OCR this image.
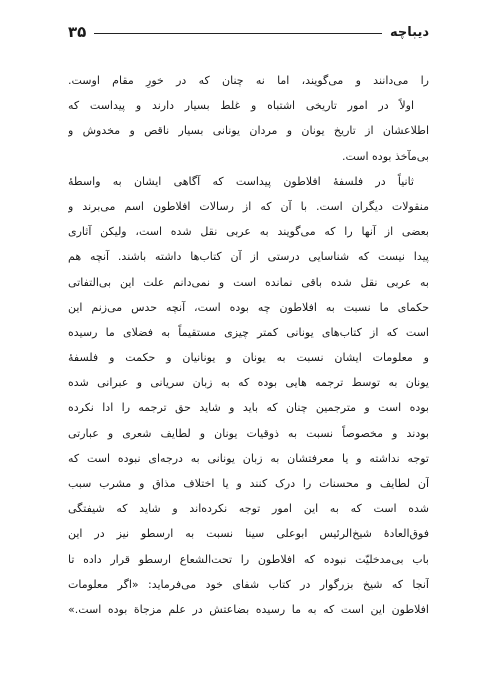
دیباچه
۳۵
را می‌دانند و می‌گویند، اما نه چنان که در خورِ مقام اوست.
اولاً در امور تاریخی اشتباه و غلط بسیار دارند و پیداست که
اطلاعشان از تاریخ یونان و مردان یونانی بسیار ناقص و مخدوش و
بی‌مآخذ بوده است.
ثانیاً در فلسفهٔ افلاطون پیداست که آگاهی ایشان به واسطهٔ
منقولات دیگران است. با آن که از رسالات افلاطون اسم می‌برند و
بعضی از آنها را که می‌گویند به عربی نقل شده است، ولیکن آثاری
پیدا نیست که شناسایی درستی از آن کتاب‌ها داشته باشند. آنچه هم
به عربی نقل شده باقی نمانده است و نمی‌دانم علت این بی‌التفاتی
حکمای ما نسبت به افلاطون چه بوده است، آنچه حدس می‌زنم این
است که از کتاب‌های یونانی کمتر چیزی مستقیماً به فضلای ما رسیده
و معلومات ایشان نسبت به یونان و یونانیان و حکمت و فلسفهٔ
یونان به توسط ترجمه هایی بوده که به زبان سریانی و عبرانی شده
بوده است و مترجمین چنان که باید و شاید حق ترجمه را ادا نکرده
بودند و مخصوصاً نسبت به ذوقیات یونان و لطایف شعری و عبارتی
توجه نداشته و یا معرفتشان به زبان یونانی به درجه‌ای نبوده است که
آن لطایف و محسنات را درک کنند و یا اختلاف مذاق و مشرب سبب
شده است که به این امور توجه نکرده‌اند و شاید که شیفتگی
فوق‌العادهٔ شیخ‌الرئیس ابوعلی سینا نسبت به ارسطو نیز در این
باب بی‌مدخلیّت نبوده که افلاطون را تحت‌الشعاع ارسطو قرار داده تا
آنجا که شیخ بزرگوار در کتاب شفای خود می‌فرماید: «اگر معلومات
افلاطون این است که به ما رسیده بضاعتش در علم مزجاة بوده است.»
